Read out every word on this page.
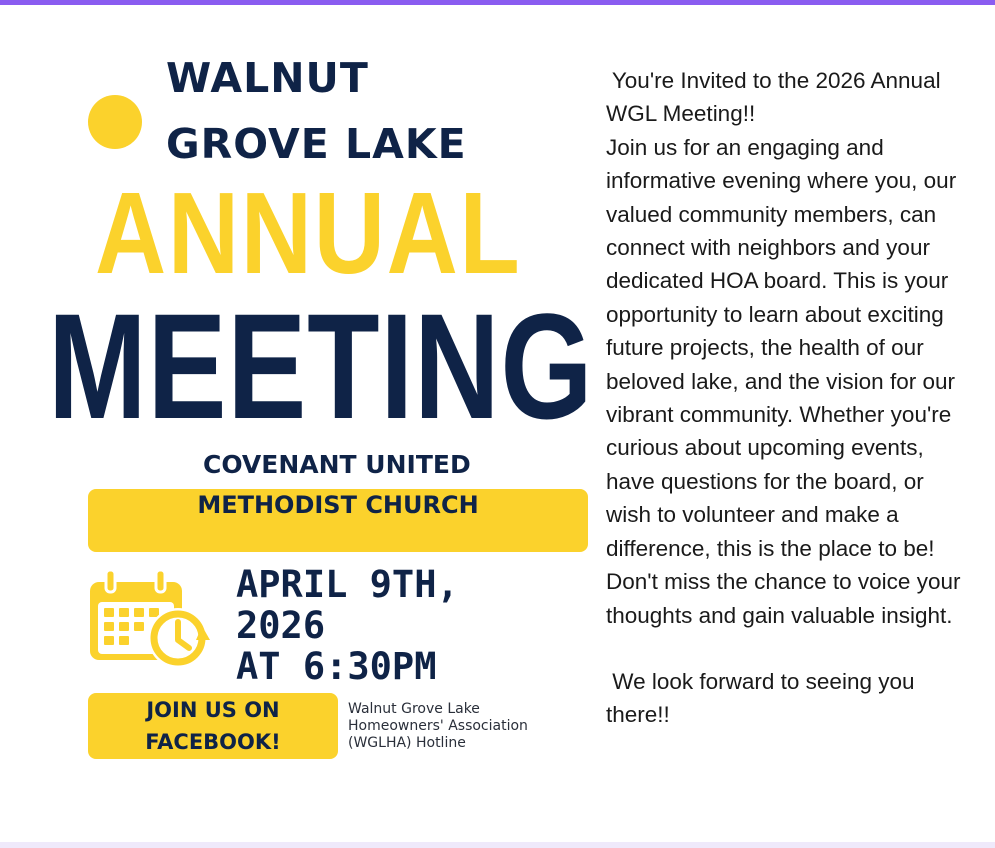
WALNUT
GROVE LAKE
ANNUAL
MEETING
COVENANT UNITED
METHODIST CHURCH
APRIL 9TH,
2026
AT 6:30PM
JOIN US ON
FACEBOOK!
Walnut Grove Lake
Homeowners' Association
(WGLHA) Hotline

You're Invited to the 2026 Annual

WGL Meeting!!

Join us for an engaging and
informative evening where you, our
valued community members, can
connect with neighbors and your
dedicated HOA board. This is your
opportunity to learn about exciting
future projects, the health of our
beloved lake, and the vision for our
vibrant community. Whether you're
curious about upcoming events,
have questions for the board, or
wish to volunteer and make a
difference, this is the place to be!
Don't miss the chance to voice your
thoughts and gain valuable insight.

We look forward to seeing you

there!!
